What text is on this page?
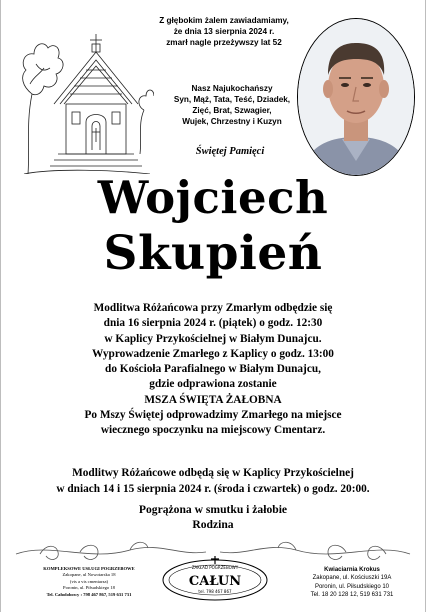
Z głębokim żalem zawiadamiamy,
że dnia 13 sierpnia 2024 r.
zmarł nagle przeżywszy lat 52

Nasz Najukochańszy
Syn, Mąż, Tata, Teść, Dziadek,
Zięć, Brat, Szwagier,
Wujek, Chrzestny i Kuzyn

Świętej Pamięci

Wojciech
Skupień

Modlitwa Różańcowa przy Zmarłym odbędzie się
dnia 16 sierpnia 2024 r. (piątek) o godz. 12:30
w Kaplicy Przykościelnej w Białym Dunajcu.
Wyprowadzenie Zmarłego z Kaplicy o godz. 13:00
do Kościoła Parafialnego w Białym Dunajcu,
gdzie odprawiona zostanie
MSZA ŚWIĘTA ŻAŁOBNA
Po Mszy Świętej odprowadzimy Zmarłego na miejsce
wiecznego spoczynku na miejscowy Cmentarz.

Modlitwy Różańcowe odbędą się w Kaplicy Przykościelnej
w dniach 14 i 15 sierpnia 2024 r. (środa i czwartek) o godz. 20:00.

Pogrążona w smutku i żałobie
Rodzina

KOMPLEKSOWE USŁUGI POGRZEBOWE
Zakopane, ul Nowotarska 18
(vis a vis cmentarza)
Poronin, ul. Piłsudskiego 18
Tel. Całodobowy : 798 467 867, 519 631 731
ZAKŁAD POGRZEBOWY
CAŁUN
tel. 798 467 867
Kwiaciarnia Krokus
Zakopane, ul. Kościuszki 19A
Poronin, ul. Piłsudskiego 10
Tel. 18 20 128 12, 519 631 731
